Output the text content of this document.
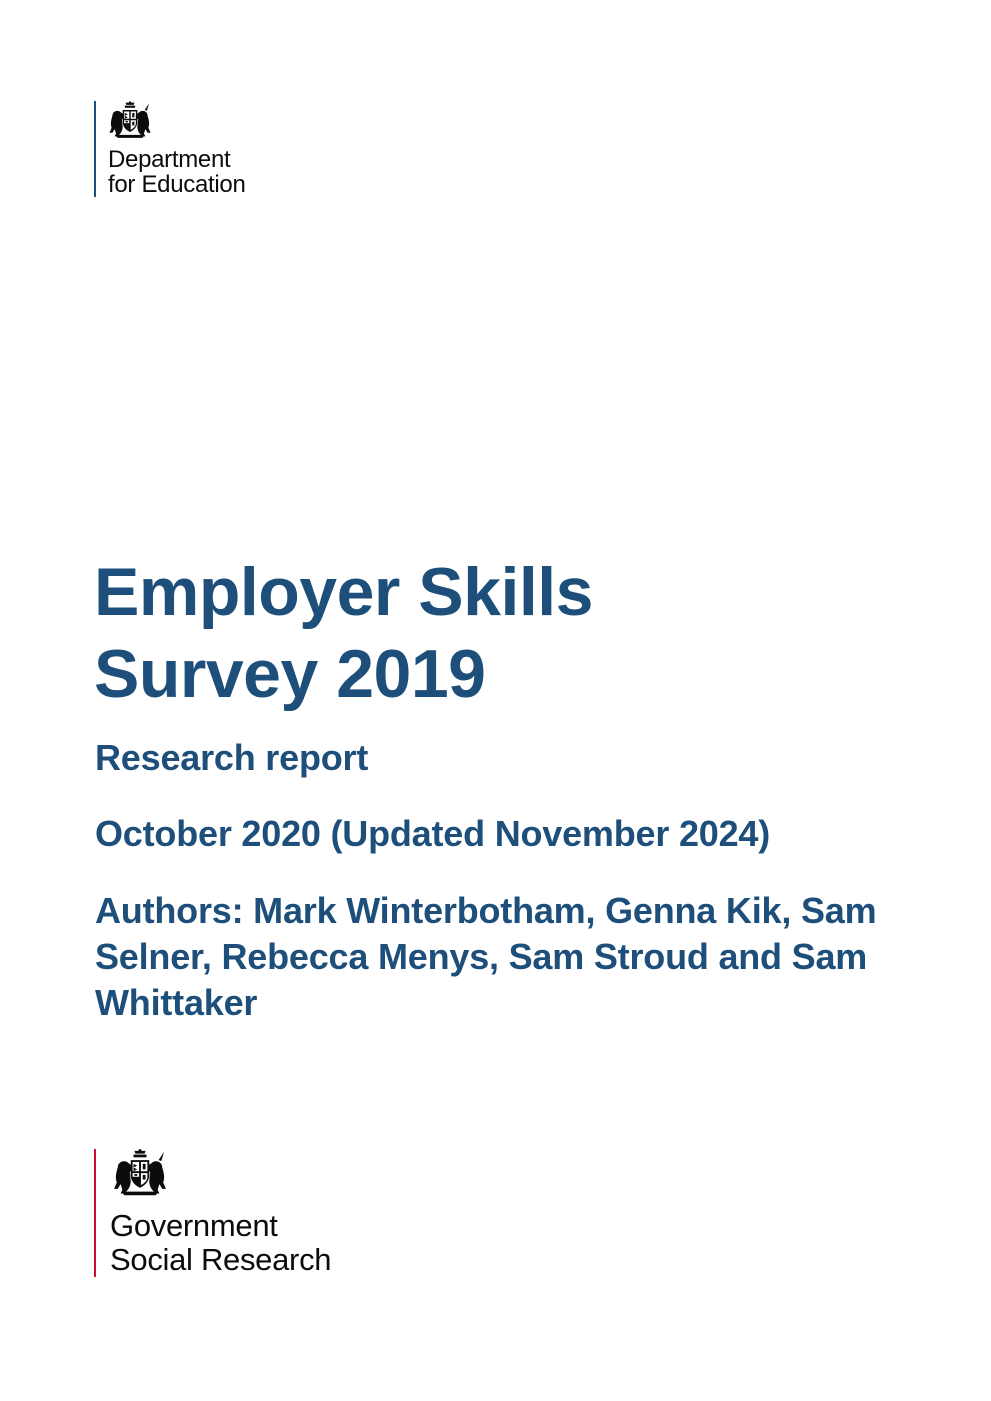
Department
for Education
Employer Skills
Survey 2019
Research report
October 2020 (Updated November 2024)
Authors: Mark Winterbotham, Genna Kik, Sam Selner, Rebecca Menys, Sam Stroud and Sam Whittaker
Government
Social Research
